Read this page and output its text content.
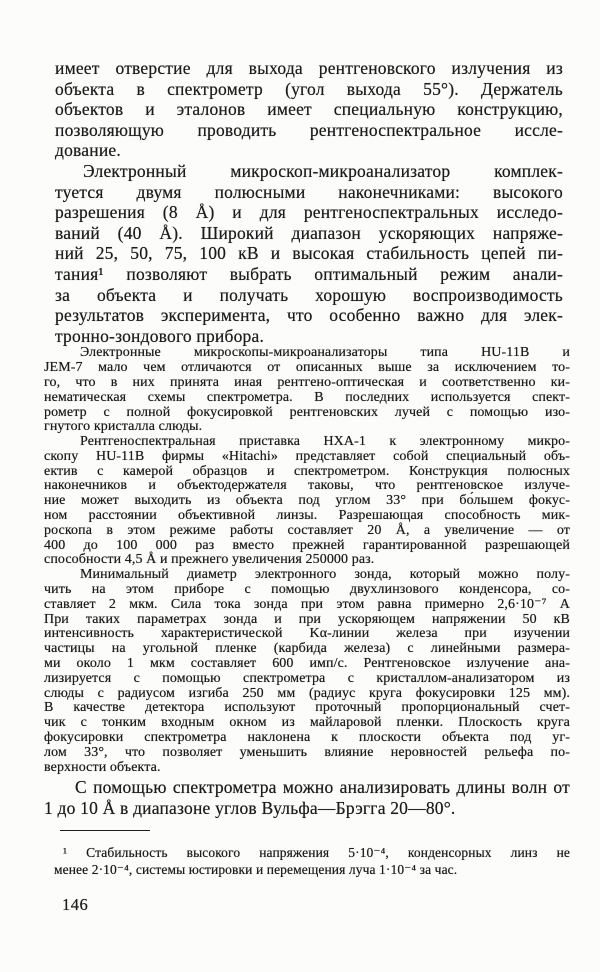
имеет отверстие для выхода рентгеновского излучения из
объекта в спектрометр (угол выхода 55°). Держатель
объектов и эталонов имеет специальную конструкцию,
позволяющую проводить рентгеноспектральное иссле-
дование.
Электронный микроскоп-микроанализатор комплек-
туется двумя полюсными наконечниками: высокого
разрешения (8 Å) и для рентгеноспектральных исследо-
ваний (40 Å). Широкий диапазон ускоряющих напряже-
ний 25, 50, 75, 100 кВ и высокая стабильность цепей пи-
тания¹ позволяют выбрать оптимальный режим анали-
за объекта и получать хорошую воспроизводимость
результатов эксперимента, что особенно важно для элек-
тронно-зондового прибора.
Электронные микроскопы-микроанализаторы типа HU-11B и
JEM-7 мало чем отличаются от описанных выше за исключением то-
го, что в них принята иная рентгено-оптическая и соответственно ки-
нематическая схемы спектрометра. В последних используется спект-
рометр с полной фокусировкой рентгеновских лучей с помощью изо-
гнутого кристалла слюды.
Рентгеноспектральная приставка НХА-1 к электронному микро-
скопу HU-11B фирмы «Hitachi» представляет собой специальный объ-
ектив с камерой образцов и спектрометром. Конструкция полюсных
наконечников и объектодержателя таковы, что рентгеновское излуче-
ние может выходить из объекта под углом 33° при бо́льшем фокус-
ном расстоянии объективной линзы. Разрешающая способность мик-
роскопа в этом режиме работы составляет 20 Å, а увеличение — от
400 до 100 000 раз вместо прежней гарантированной разрешающей
способности 4,5 Å и прежнего увеличения 250000 раз.
Минимальный диаметр электронного зонда, который можно полу-
чить на этом приборе с помощью двухлинзового конденсора, со-
ставляет 2 мкм. Сила тока зонда при этом равна примерно 2,6·10⁻⁷ А
При таких параметрах зонда и при ускоряющем напряжении 50 кВ
интенсивность характеристической Kα-линии железа при изучении
частицы на угольной пленке (карбида железа) с линейными размера-
ми около 1 мкм составляет 600 имп/с. Рентгеновское излучение ана-
лизируется с помощью спектрометра с кристаллом-анализатором из
слюды с радиусом изгиба 250 мм (радиус круга фокусировки 125 мм).
В качестве детектора используют проточный пропорциональный счет-
чик с тонким входным окном из майларовой пленки. Плоскость круга
фокусировки спектрометра наклонена к плоскости объекта под уг-
лом 33°, что позволяет уменьшить влияние неровностей рельефа по-
верхности объекта.
С помощью спектрометра можно анализировать длины волн от
1 до 10 Å в диапазоне углов Вульфа—Брэгга 20—80°.
¹ Стабильность высокого напряжения 5·10⁻⁴, конденсорных линз не
менее 2·10⁻⁴, системы юстировки и перемещения луча 1·10⁻⁴ за час.
146
